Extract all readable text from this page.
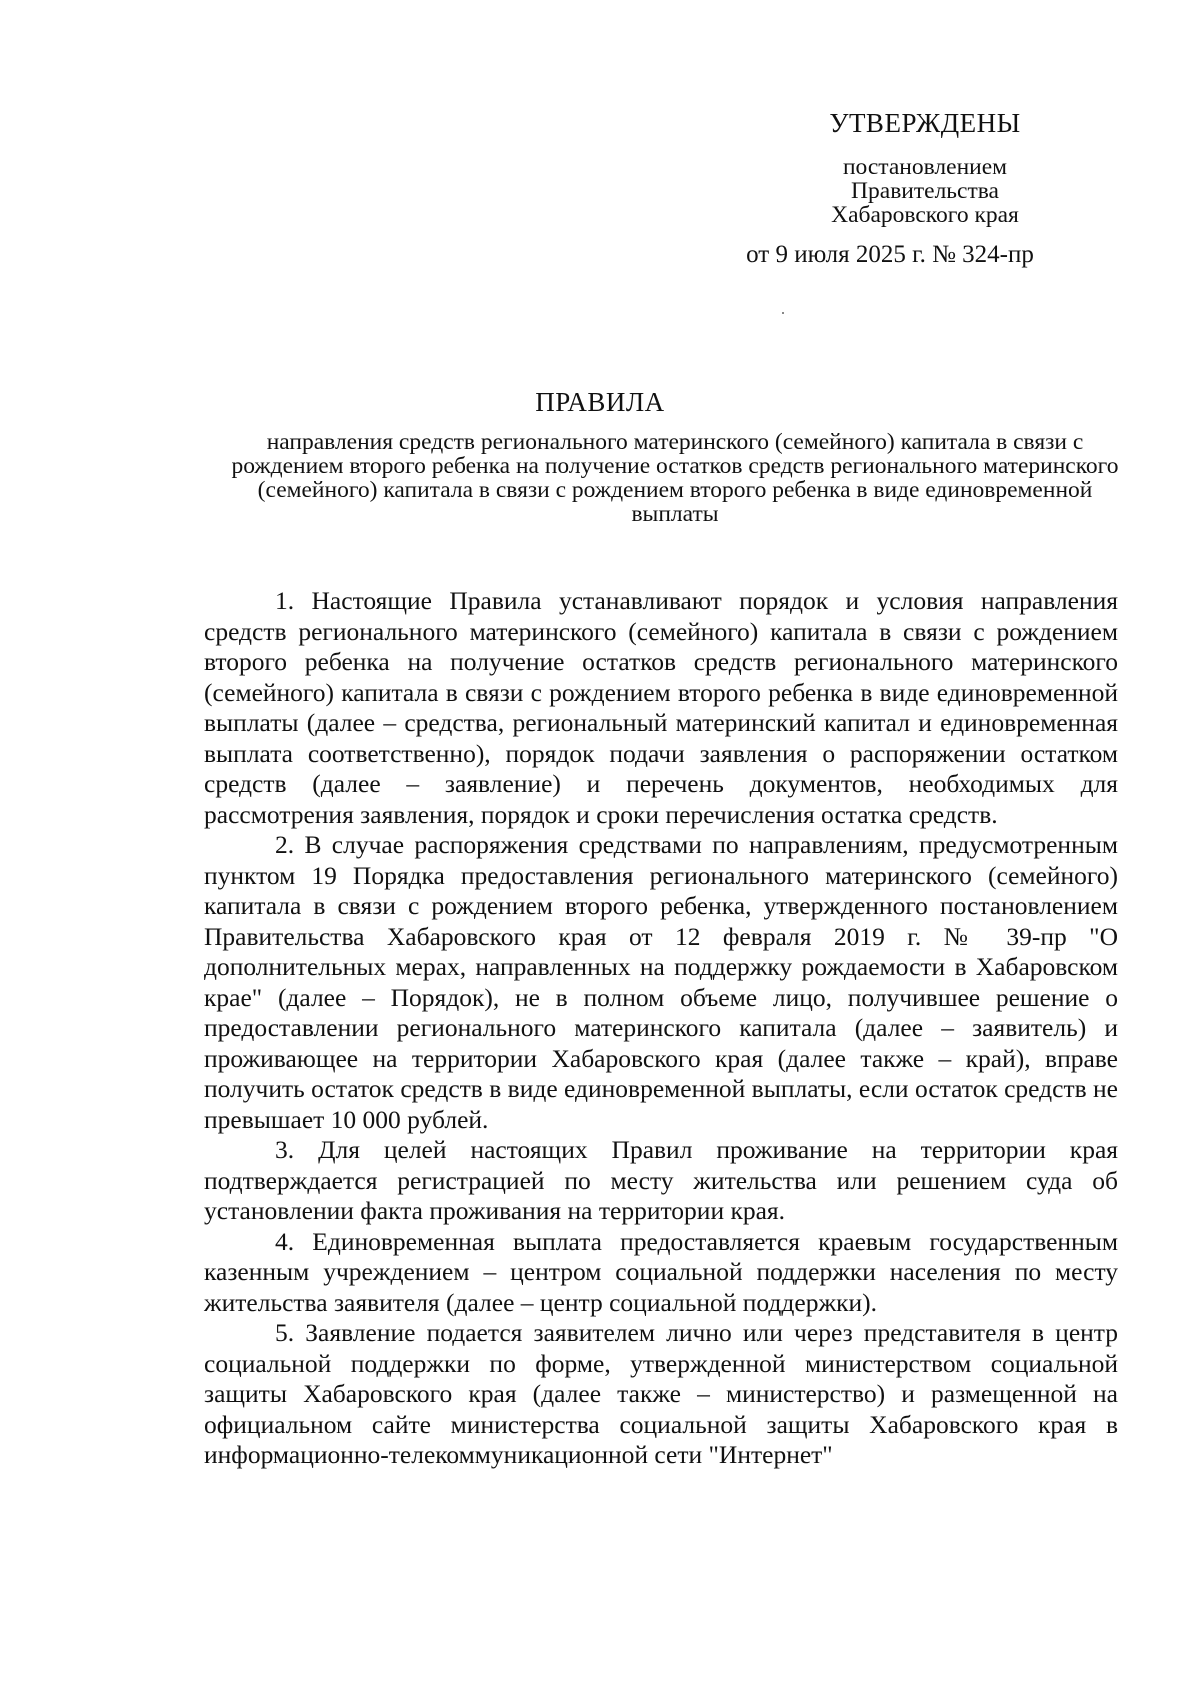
УТВЕРЖДЕНЫ
постановлением
Правительства
Хабаровского края
от 9 июля 2025 г. № 324-пр
ПРАВИЛА
направления средств регионального материнского (семейного) капитала в связи с рождением второго ребенка на получение остатков средств регионального материнского (семейного) капитала в связи с рождением второго ребенка в виде единовременной выплаты

1. Настоящие Правила устанавливают порядок и условия направления средств регионального материнского (семейного) капитала в связи с рождением второго ребенка на получение остатков средств регионального материнского (семейного) капитала в связи с рождением второго ребенка в виде единовременной выплаты (далее – средства, региональный материнский капитал и единовременная выплата соответственно), порядок подачи заявления о распоряжении остатком средств (далее – заявление) и перечень документов, необходимых для рассмотрения заявления, порядок и сроки перечисления остатка средств.

2. В случае распоряжения средствами по направлениям, предусмотренным пунктом 19 Порядка предоставления регионального материнского (семейного) капитала в связи с рождением второго ребенка, утвержденного постановлением Правительства Хабаровского края от 12 февраля 2019 г. № 39-пр "О дополнительных мерах, направленных на поддержку рождаемости в Хабаровском крае" (далее – Порядок), не в полном объеме лицо, получившее решение о предоставлении регионального материнского капитала (далее – заявитель) и проживающее на территории Хабаровского края (далее также – край), вправе получить остаток средств в виде единовременной выплаты, если остаток средств не превышает 10 000 рублей.

3. Для целей настоящих Правил проживание на территории края подтверждается регистрацией по месту жительства или решением суда об установлении факта проживания на территории края.

4. Единовременная выплата предоставляется краевым государственным казенным учреждением – центром социальной поддержки населения по месту жительства заявителя (далее – центр социальной поддержки).

5. Заявление подается заявителем лично или через представителя в центр социальной поддержки по форме, утвержденной министерством социальной защиты Хабаровского края (далее также – министерство) и размещенной на официальном сайте министерства социальной защиты Хабаровского края в информационно-телекоммуникационной сети "Интернет"
